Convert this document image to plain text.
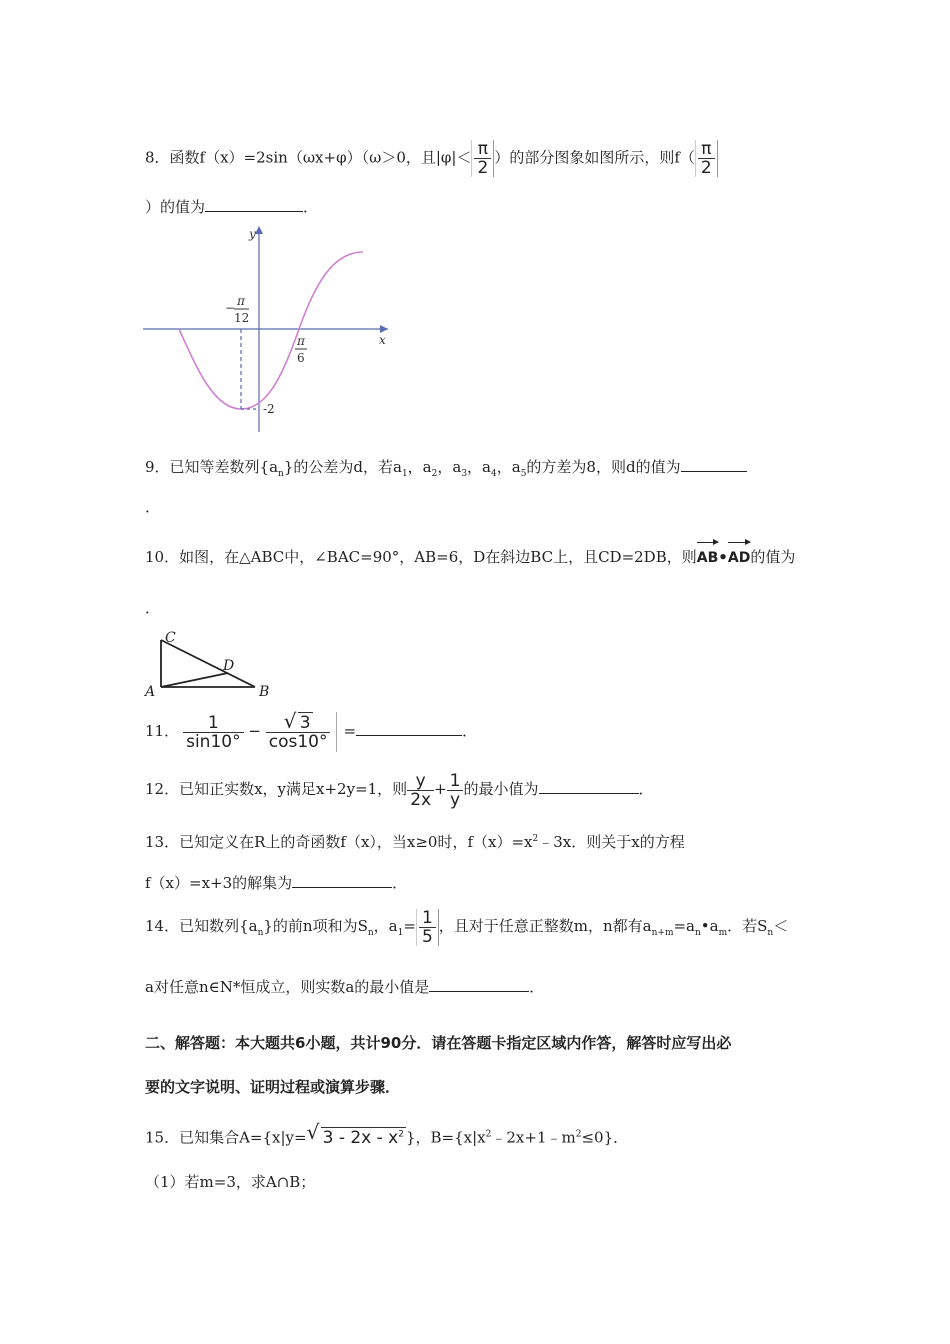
8．函数f（x）=2sin（ωx+φ）（ω＞0，且$|\varphi|< \frac{\pi}{2}$ ）的部分图象如图所示，则$f( \frac{\pi}{2}$
）的值为	．
y
x
− π
12
π
6
-2
9．已知等差数列$\{a_n\}$的公差为d，若$a_1$，$a_2$，$a_3$，$a_4$，$a_5$的方差为8，则d的值为
．
10．如图，在△ABC中，∠BAC=90°，AB=6，D在斜边BC上，且CD=2DB，则
AB•
AD的值为
．
C
D
A	B
11． $\frac{1}{\sin 10^\circ} - \frac{√ 3}{\cos 10^\circ}$ =	．
12．已知正实数x，y满足x+2y=1，则 $\frac{y}{2x} + \frac{1}{y}$ 的最小值为	．
13．已知定义在R上的奇函数f（x），当x≥0时，$f(x)=x^2﹣3x$．则关于x的方程
f（x）=x+3的解集为	．
14．已知数列$\{a_n\}$的前n项和为$S_n$，$a_1= \frac{1}{5}$ ，且对于任意正整数m，n都有$a_{n+m}=a_n•a_m$．若$S_n<$
a对任意n∈N*恒成立，则实数a的最小值是	．
二、解答题：本大题共6小题，共计90分．请在答题卡指定区域内作答，解答时应写出必
要的文字说明、证明过程或演算步骤．
15．已知集合A={x|y= √ $3 - 2x - x^2$ }，$B=\{x|x^2﹣2x+1﹣m^2\le 0\}$．
（1）若m=3，求A∩B；
